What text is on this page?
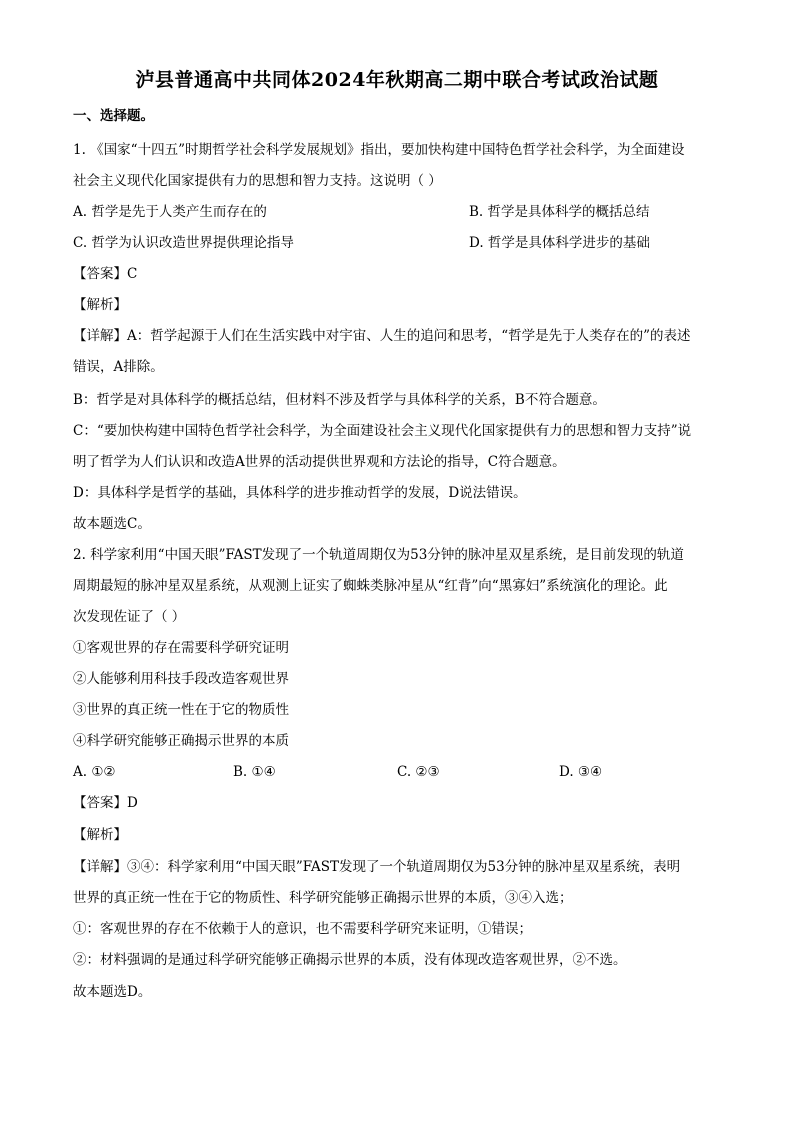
泸县普通高中共同体2024年秋期高二期中联合考试政治试题
一、选择题。
1. 《国家“十四五”时期哲学社会科学发展规划》指出，要加快构建中国特色哲学社会科学，为全面建设
社会主义现代化国家提供有力的思想和智力支持。这说明（ ）
A. 哲学是先于人类产生而存在的	B. 哲学是具体科学的概括总结
C. 哲学为认识改造世界提供理论指导	D. 哲学是具体科学进步的基础
【答案】C
【解析】
【详解】A：哲学起源于人们在生活实践中对宇宙、人生的追问和思考，“哲学是先于人类存在的”的表述
错误，A排除。
B：哲学是对具体科学的概括总结，但材料不涉及哲学与具体科学的关系，B不符合题意。
C：“要加快构建中国特色哲学社会科学，为全面建设社会主义现代化国家提供有力的思想和智力支持”说
明了哲学为人们认识和改造A世界的活动提供世界观和方法论的指导，C符合题意。
D：具体科学是哲学的基础，具体科学的进步推动哲学的发展，D说法错误。
故本题选C。
2. 科学家利用“中国天眼”FAST发现了一个轨道周期仅为53分钟的脉冲星双星系统，是目前发现的轨道
周期最短的脉冲星双星系统，从观测上证实了蜘蛛类脉冲星从“红背”向“黑寡妇”系统演化的理论。此
次发现佐证了（ ）
①客观世界的存在需要科学研究证明
②人能够利用科技手段改造客观世界
③世界的真正统一性在于它的物质性
④科学研究能够正确揭示世界的本质
A. ①②	B. ①④	C. ②③	D. ③④
【答案】D
【解析】
【详解】③④：科学家利用“中国天眼”FAST发现了一个轨道周期仅为53分钟的脉冲星双星系统，表明
世界的真正统一性在于它的物质性、科学研究能够正确揭示世界的本质，③④入选；
①：客观世界的存在不依赖于人的意识，也不需要科学研究来证明，①错误；
②：材料强调的是通过科学研究能够正确揭示世界的本质，没有体现改造客观世界，②不选。
故本题选D。
